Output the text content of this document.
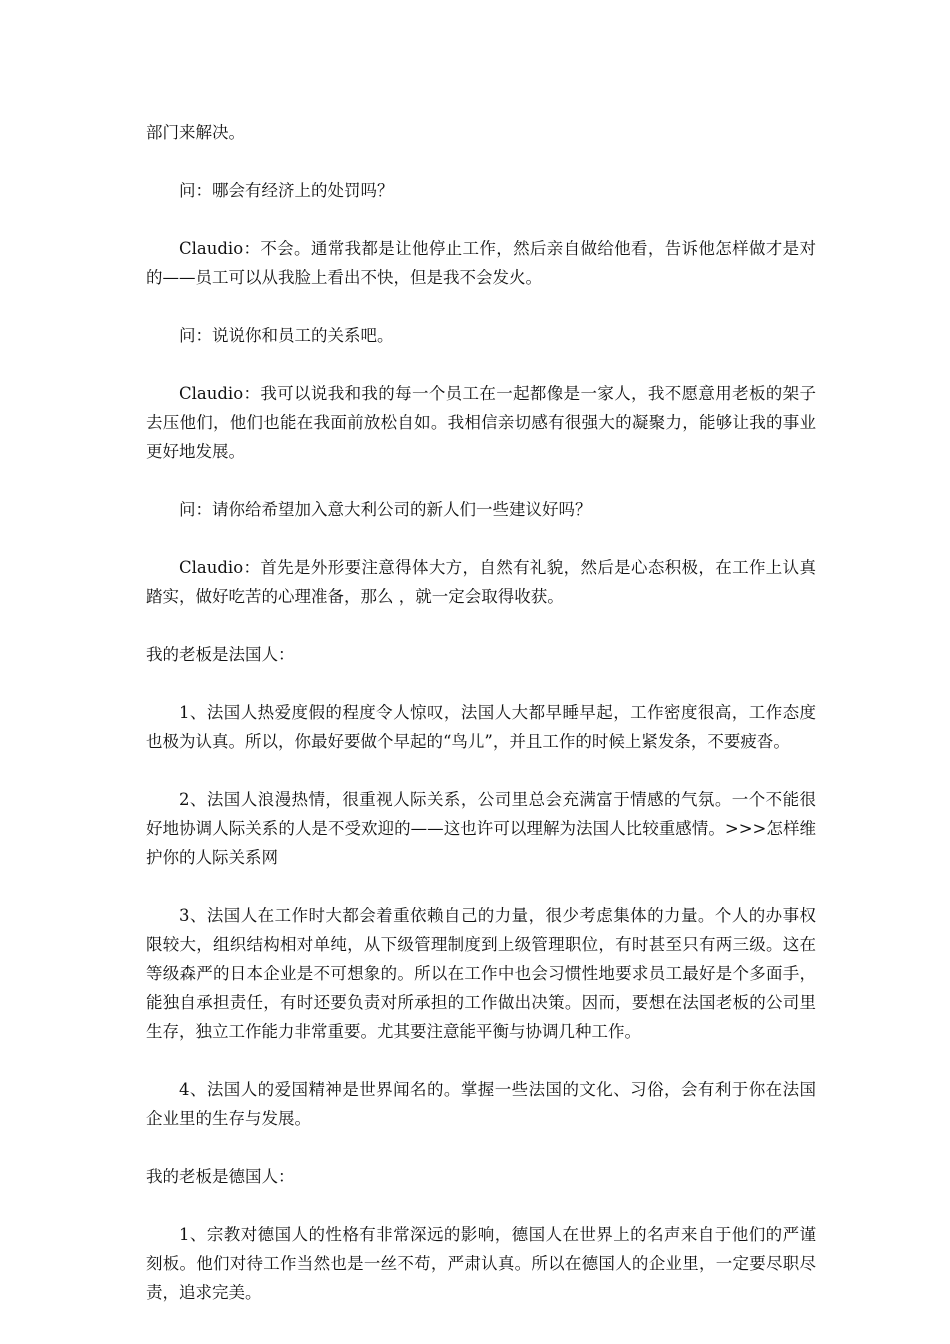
部门来解决。

问：哪会有经济上的处罚吗？

Claudio：不会。通常我都是让他停止工作，然后亲自做给他看，告诉他怎样做才是对的——员工可以从我脸上看出不快，但是我不会发火。

问：说说你和员工的关系吧。

Claudio：我可以说我和我的每一个员工在一起都像是一家人，我不愿意用老板的架子去压他们，他们也能在我面前放松自如。我相信亲切感有很强大的凝聚力，能够让我的事业更好地发展。

问：请你给希望加入意大利公司的新人们一些建议好吗？

Claudio：首先是外形要注意得体大方，自然有礼貌，然后是心态积极，在工作上认真踏实，做好吃苦的心理准备，那么 ，就一定会取得收获。

我的老板是法国人：

1、法国人热爱度假的程度令人惊叹，法国人大都早睡早起，工作密度很高，工作态度也极为认真。所以，你最好要做个早起的“鸟儿”，并且工作的时候上紧发条，不要疲沓。

2、法国人浪漫热情，很重视人际关系，公司里总会充满富于情感的气氛。一个不能很好地协调人际关系的人是不受欢迎的——这也许可以理解为法国人比较重感情。>>>怎样维护你的人际关系网

3、法国人在工作时大都会着重依赖自己的力量，很少考虑集体的力量。个人的办事权限较大，组织结构相对单纯，从下级管理制度到上级管理职位，有时甚至只有两三级。这在等级森严的日本企业是不可想象的。所以在工作中也会习惯性地要求员工最好是个多面手，能独自承担责任，有时还要负责对所承担的工作做出决策。因而，要想在法国老板的公司里生存，独立工作能力非常重要。尤其要注意能平衡与协调几种工作。

4、法国人的爱国精神是世界闻名的。掌握一些法国的文化、习俗，会有利于你在法国企业里的生存与发展。

我的老板是德国人：

1、宗教对德国人的性格有非常深远的影响，德国人在世界上的名声来自于他们的严谨刻板。他们对待工作当然也是一丝不苟，严肃认真。所以在德国人的企业里，一定要尽职尽责，追求完美。
